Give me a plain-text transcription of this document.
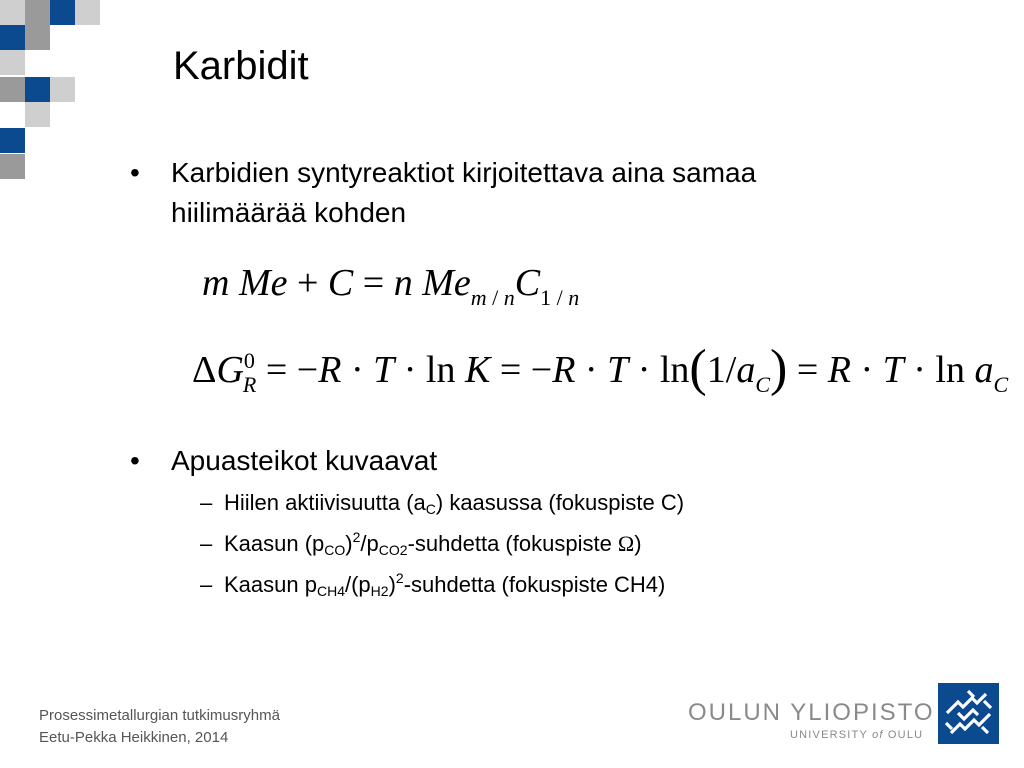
Karbidit
•	Karbidien syntyreaktiot kirjoitettava aina samaa
hiilimäärää kohden
m Me + C = n $Me_{m / n}C_{1 / n}$
$\Delta G^0_R = -R \cdot T \cdot \ln K = -R \cdot T \cdot \ln(1/a_C) = R \cdot T \cdot \ln a_C$
•	Apuasteikot kuvaavat
– Hiilen aktiivisuutta $(a_C)$ kaasussa (fokuspiste C)
– Kaasun $(p_{CO})^2/p_{CO2}$-suhdetta (fokuspiste Ω)
– Kaasun $p_{CH4}/(p_{H2})^2$-suhdetta (fokuspiste CH4)
Prosessimetallurgian tutkimusryhmä
Eetu-Pekka Heikkinen, 2014
OULUN YLIOPISTO
UNIVERSITY of OULU
